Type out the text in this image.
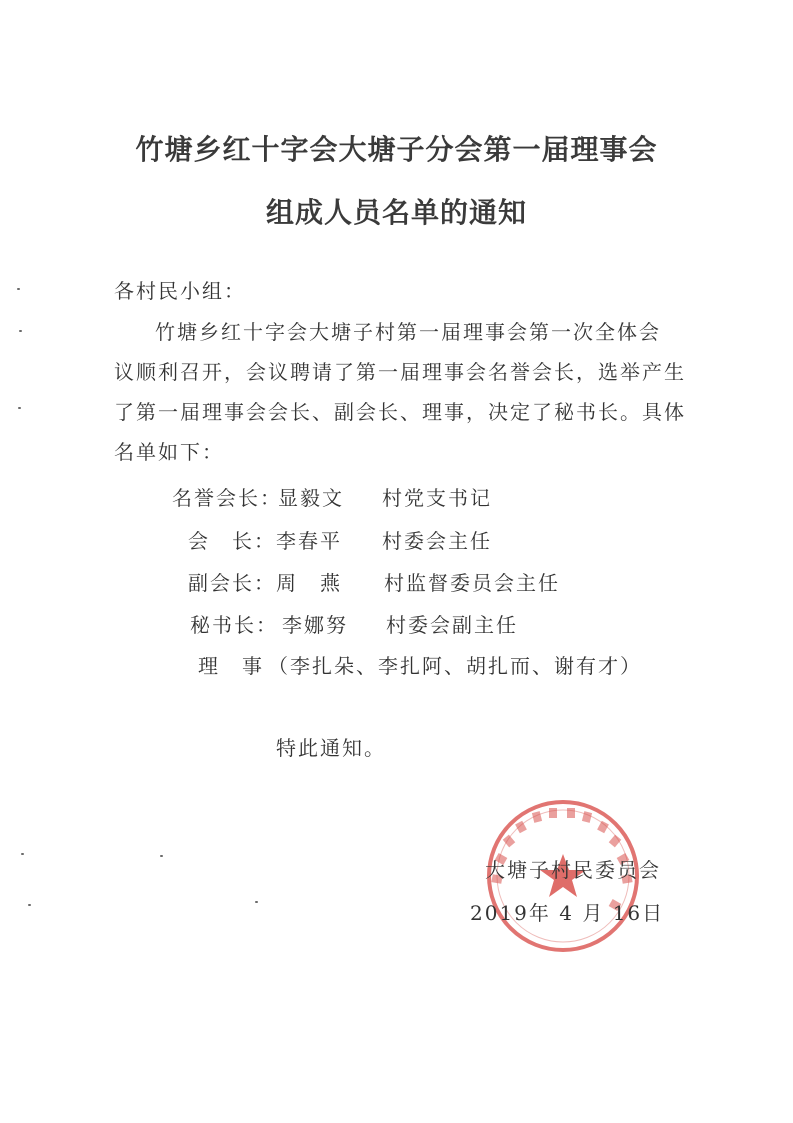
竹塘乡红十字会大塘子分会第一届理事会
组成人员名单的通知

各村民小组：

竹塘乡红十字会大塘子村第一届理事会第一次全体会

议顺利召开，会议聘请了第一届理事会名誉会长，选举产生

了第一届理事会会长、副会长、理事，决定了秘书长。具体

名单如下：

名誉会长：
显毅文 村党支书记
会　长： 李春平 村委会主任
副会长： 周　燕 村监督委员会主任
秘书长： 李娜努 村委会副主任
理　事 （李扎朵、李扎阿、胡扎而、谢有才）

特此通知。

大塘子村民委员会

2019年 4 月 16日
